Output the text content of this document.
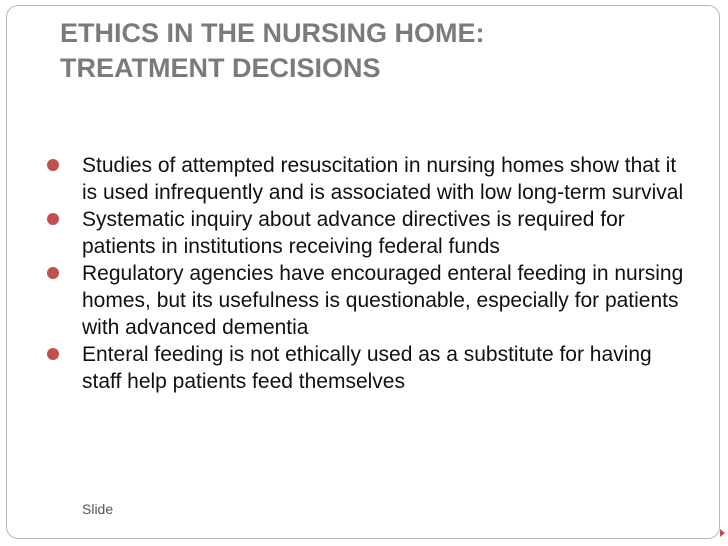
ETHICS IN THE NURSING HOME:
TREATMENT DECISIONS
Studies of attempted resuscitation in nursing homes show that it is used infrequently and is associated with low long-term survival
Systematic inquiry about advance directives is required for patients in institutions receiving federal funds
Regulatory agencies have encouraged enteral feeding in nursing homes, but its usefulness is questionable, especially for patients with advanced dementia
Enteral feeding is not ethically used as a substitute for having staff help patients feed themselves
Slide
